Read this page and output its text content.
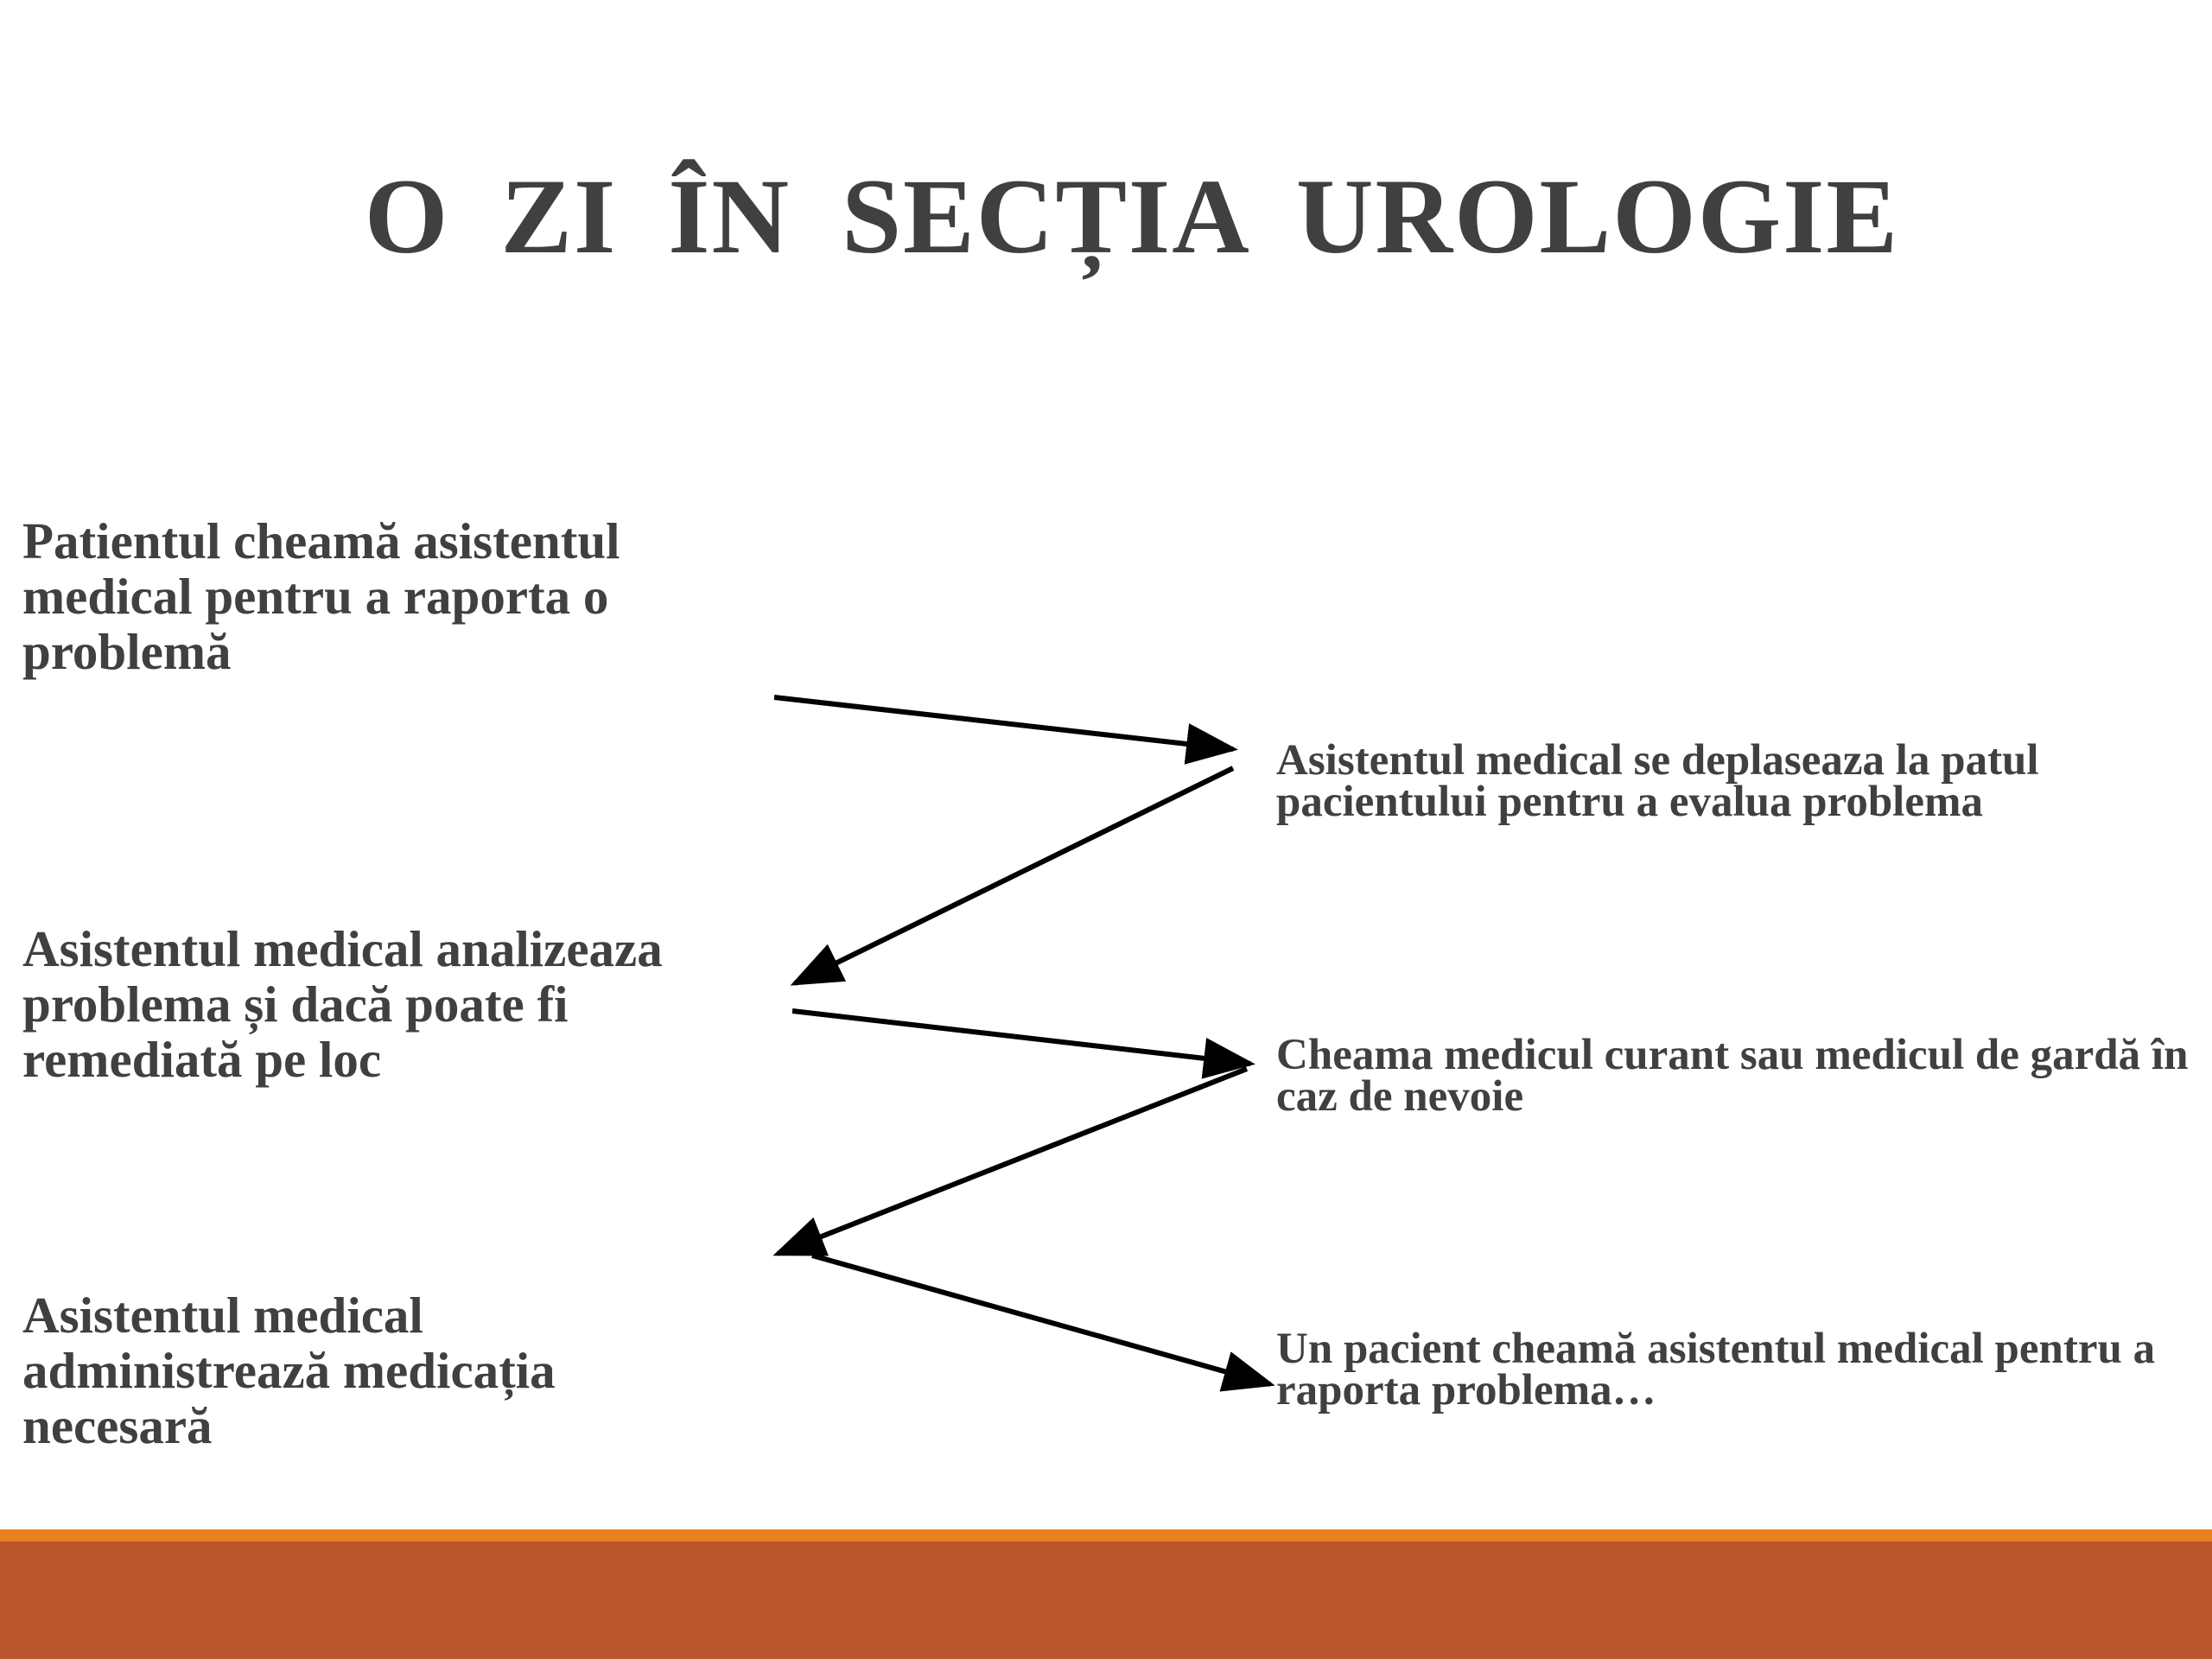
O ZI ÎN SECȚIA UROLOGIE
Patientul cheamă asistentul medical pentru a raporta o problemă
Asistentul medical se deplaseaza la patul pacientului pentru a evalua problema
Asistentul medical analizeaza problema și dacă poate fi remediată pe loc	Cheama medicul curant sau medicul de gardă în caz de nevoie
Asistentul medical administrează medicația necesară
Un pacient cheamă asistentul medical pentru a raporta problema…
